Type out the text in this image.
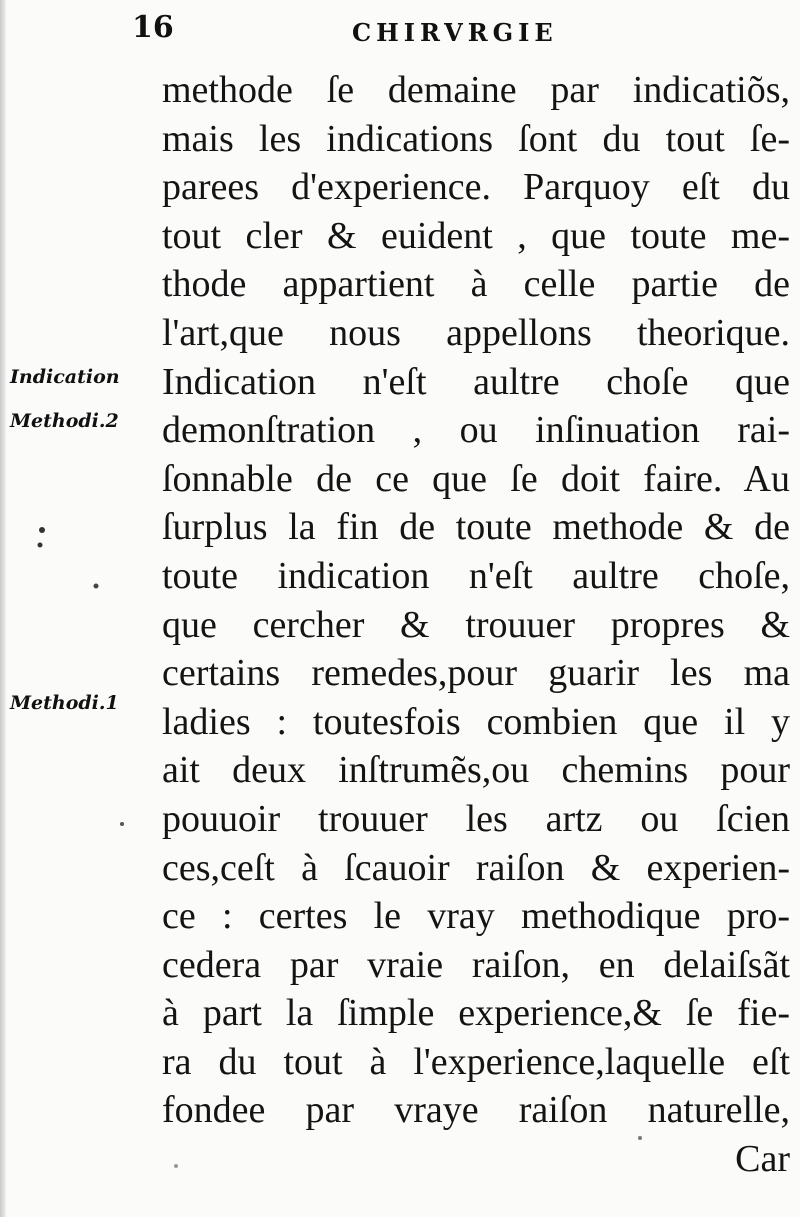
16	CHIRVRGIE
Indication
Methodi.2
Methodi.1
methode ſe demaine par indicatiõs,
mais les indications ſont du tout ſe-
parees d'experience. Parquoy eſt du
tout cler & euident , que toute me-
thode appartient à celle partie de
l'art,que nous appellons theorique.
Indication n'eſt aultre choſe que
demonſtration , ou inſinuation rai-
ſonnable de ce que ſe doit faire. Au
ſurplus la fin de toute methode & de
toute indication n'eſt aultre choſe,
que cercher & trouuer propres &
certains remedes,pour guarir les ma
ladies : toutesfois combien que il y
ait deux inſtrumẽs,ou chemins pour
pouuoir trouuer les artz ou ſcien
ces,ceſt à ſcauoir raiſon & experien-
ce : certes le vray methodique pro-
cedera par vraie raiſon, en delaiſsãt
à part la ſimple experience,& ſe fie-
ra du tout à l'experience,laquelle eſt
fondee par vraye raiſon naturelle,
Car
